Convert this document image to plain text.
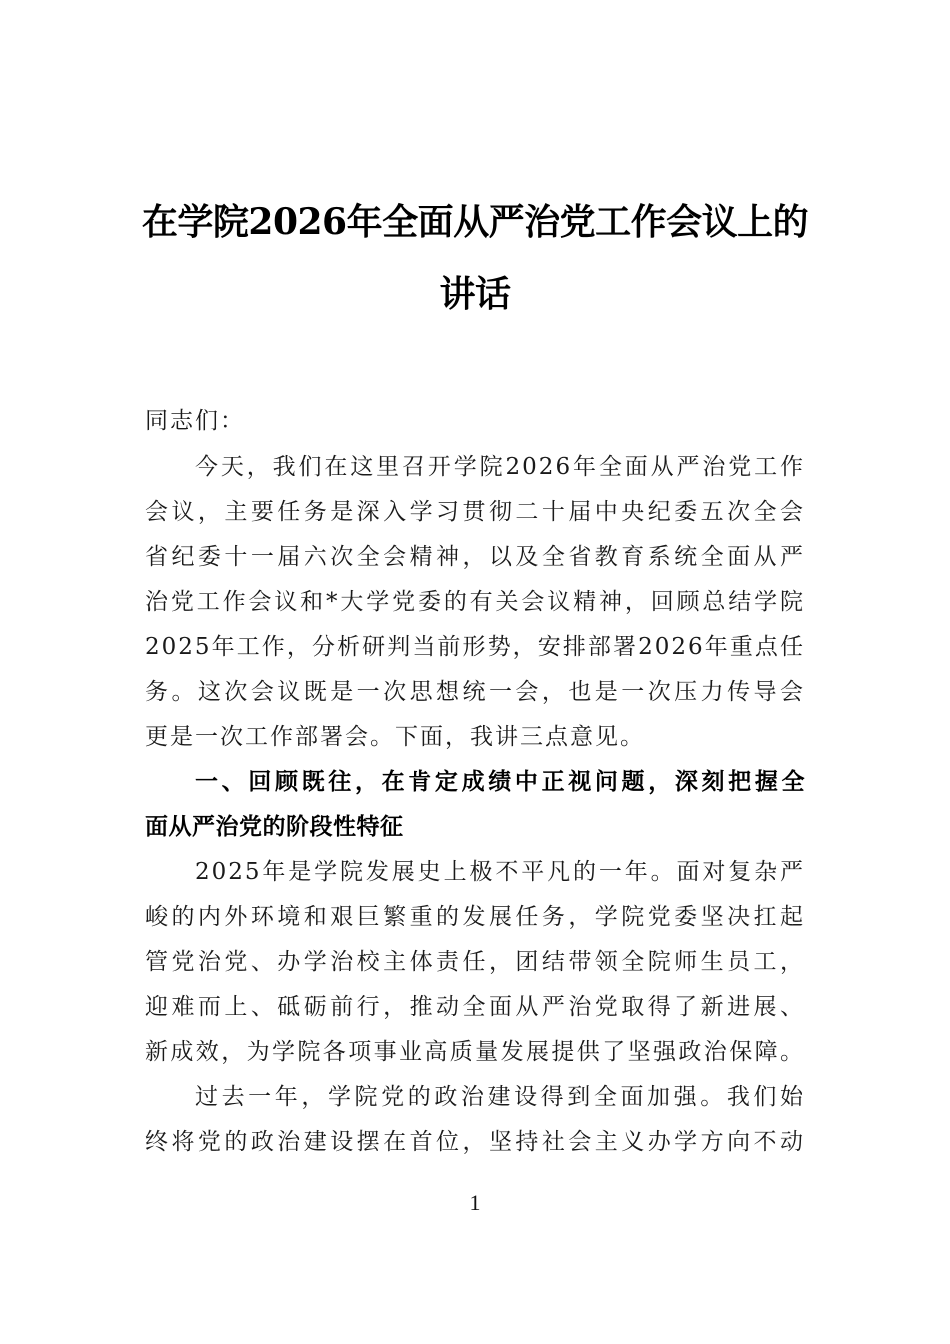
在学院2026年全面从严治党工作会议上的
讲话
同志们：
今天，我们在这里召开学院2026年全面从严治党工作
会议，主要任务是深入学习贯彻二十届中央纪委五次全会
省纪委十一届六次全会精神，以及全省教育系统全面从严
治党工作会议和*大学党委的有关会议精神，回顾总结学院
2025年工作，分析研判当前形势，安排部署2026年重点任
务。这次会议既是一次思想统一会，也是一次压力传导会
更是一次工作部署会。下面，我讲三点意见。
一、回顾既往，在肯定成绩中正视问题，深刻把握全
面从严治党的阶段性特征
2025年是学院发展史上极不平凡的一年。面对复杂严
峻的内外环境和艰巨繁重的发展任务，学院党委坚决扛起
管党治党、办学治校主体责任，团结带领全院师生员工，
迎难而上、砥砺前行，推动全面从严治党取得了新进展、
新成效，为学院各项事业高质量发展提供了坚强政治保障。
过去一年，学院党的政治建设得到全面加强。我们始
终将党的政治建设摆在首位，坚持社会主义办学方向不动
1
